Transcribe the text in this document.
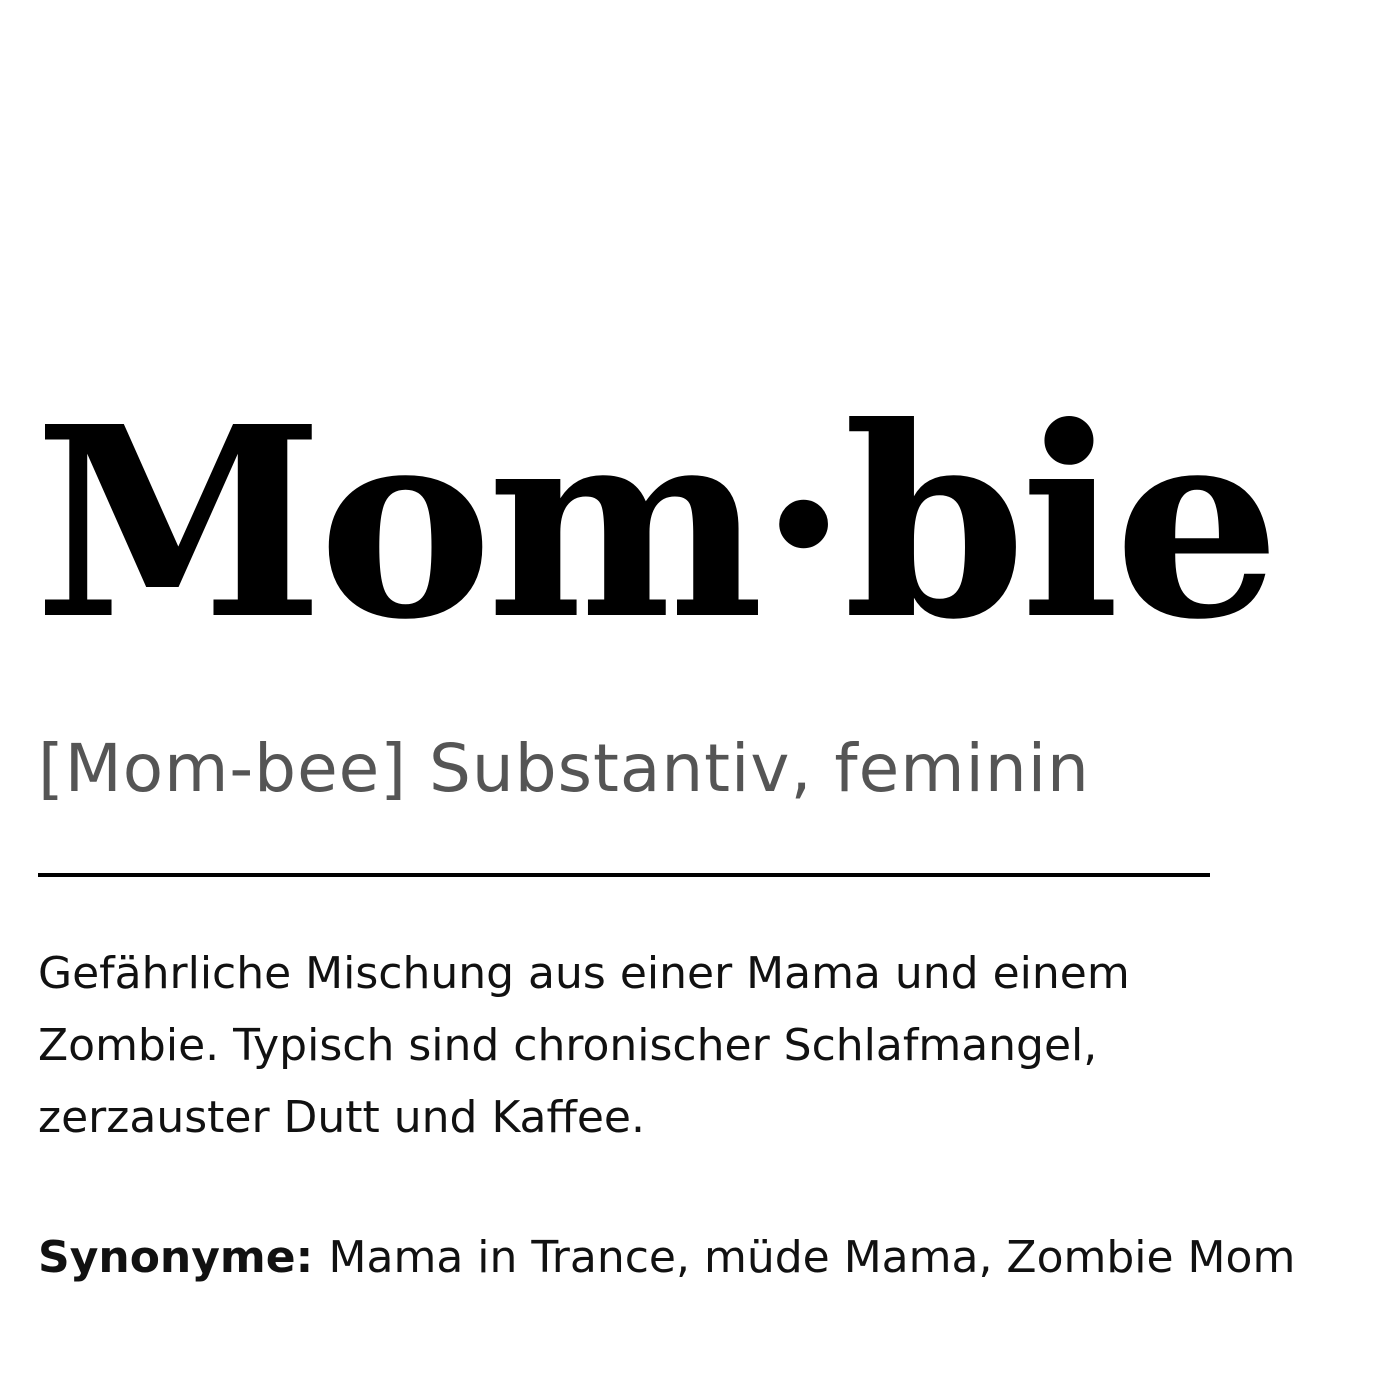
Mom·bie

[Mom-bee] Substantiv, feminin

Gefährliche Mischung aus einer Mama und einem
Zombie. Typisch sind chronischer Schlafmangel,
zerzauster Dutt und Kaffee.

Synonyme: Mama in Trance, müde Mama, Zombie Mom
